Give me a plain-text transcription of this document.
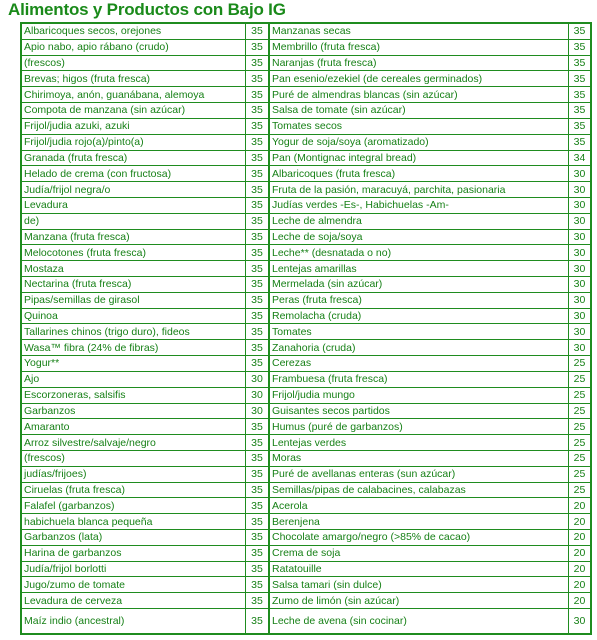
Alimentos y Productos con Bajo IG
Albaricoques secos, orejones	35
Apio nabo, apio rábano (crudo)	35
(frescos)	35
Brevas; higos (fruta fresca)	35
Chirimoya, anón, guanábana, alemoya	35
Compota de manzana (sin azúcar)	35
Frijol/judia azuki, azuki	35
Frijol/judia rojo(a)/pinto(a)	35
Granada (fruta fresca)	35
Helado de crema (con fructosa)	35
Judía/frijol negra/o	35
Levadura	35
de)	35
Manzana (fruta fresca)	35
Melocotones (fruta fresca)	35
Mostaza	35
Nectarina (fruta fresca)	35
Pipas/semillas de girasol	35
Quinoa	35
Tallarines chinos (trigo duro), fideos	35
Wasa™ fibra (24% de fibras)	35
Yogur**	35
Ajo	30
Escorzoneras, salsifis	30
Garbanzos	30
Amaranto	35
Arroz silvestre/salvaje/negro	35
(frescos)	35
judías/frijoes)	35
Ciruelas (fruta fresca)	35
Falafel (garbanzos)	35
habichuela blanca pequeña	35
Garbanzos (lata)	35
Harina de garbanzos	35
Judía/frijol borlotti	35
Jugo/zumo de tomate	35
Levadura de cerveza	35
Maíz indio (ancestral)	35
Manzanas secas	35
Membrillo (fruta fresca)	35
Naranjas (fruta fresca)	35
Pan esenio/ezekiel (de cereales germinados)	35
Puré de almendras blancas (sin azúcar)	35
Salsa de tomate (sin azúcar)	35
Tomates secos	35
Yogur de soja/soya (aromatizado)	35
Pan (Montignac integral bread)	34
Albaricoques (fruta fresca)	30
Fruta de la pasión, maracuyá, parchita, pasionaria	30
Judías verdes -Es-, Habichuelas -Am-	30
Leche de almendra	30
Leche de soja/soya	30
Leche** (desnatada o no)	30
Lentejas amarillas	30
Mermelada (sin azúcar)	30
Peras (fruta fresca)	30
Remolacha (cruda)	30
Tomates	30
Zanahoria (cruda)	30
Cerezas	25
Frambuesa (fruta fresca)	25
Frijol/judia mungo	25
Guisantes secos partidos	25
Humus (puré de garbanzos)	25
Lentejas verdes	25
Moras	25
Puré de avellanas enteras (sun azúcar)	25
Semillas/pipas de calabacines, calabazas	25
Acerola	20
Berenjena	20
Chocolate amargo/negro (>85% de cacao)	20
Crema de soja	20
Ratatouille	20
Salsa tamari (sin dulce)	20
Zumo de limón (sin azúcar)	20
Leche de avena (sin cocinar)	30
